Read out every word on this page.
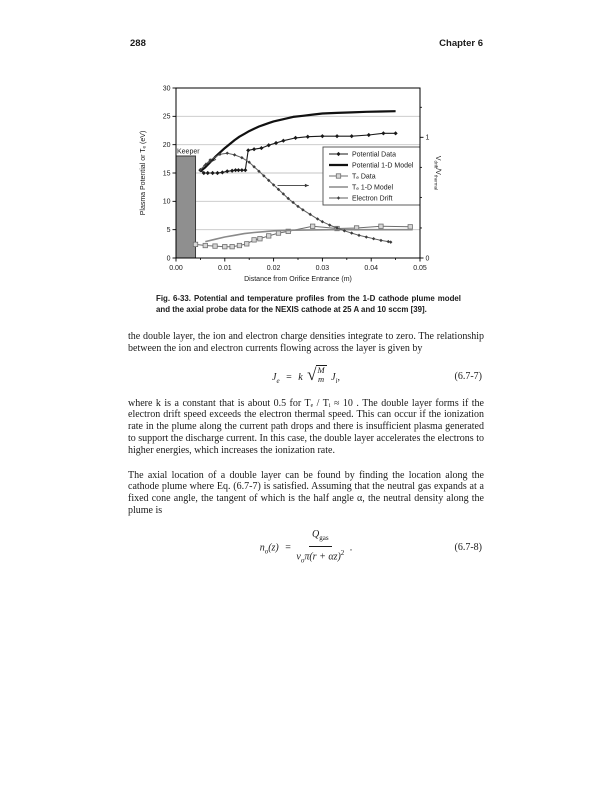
288	Chapter 6
Keeper	Potential Data
Potential 1-D Model
Tₑ Data
Tₑ 1-D Model
Electron Drift
0.00	0.01	0.02	0.03	0.04	0.05
Distance from Orifice Entrance (m)
0
5
10
15
20
25
30
Plasma Potential or Tₑ (eV)
0
1
$V_{drift}/V_{thermal}$
Fig. 6-33. Potential and temperature profiles from the 1-D cathode plume model and the axial probe data for the NEXIS cathode at 25 A and 10 sccm [39].

the double layer, the ion and electron charge densities integrate to zero. The relationship between the ion and electron currents flowing across the layer is given by

$J_e = k$ √ M
m $J_i$,	(6.7-7)

where k is a constant that is about 0.5 for Tₑ / Tᵢ ≈ 10 . The double layer forms if the electron drift speed exceeds the electron thermal speed. This can occur if the ionization rate in the plume along the current path drops and there is insufficient plasma generated to support the discharge current. In this case, the double layer accelerates the electrons to higher energies, which increases the ionization rate.

The axial location of a double layer can be found by finding the location along the cathode plume where Eq. (6.7-7) is satisfied. Assuming that the neutral gas expands at a fixed cone angle, the tangent of which is the half angle α, the neutral density along the plume is

$n_o(z) = \frac{Q_{gas}}{v_o\pi(r + \alpha z)^2}$ .	(6.7-8)
